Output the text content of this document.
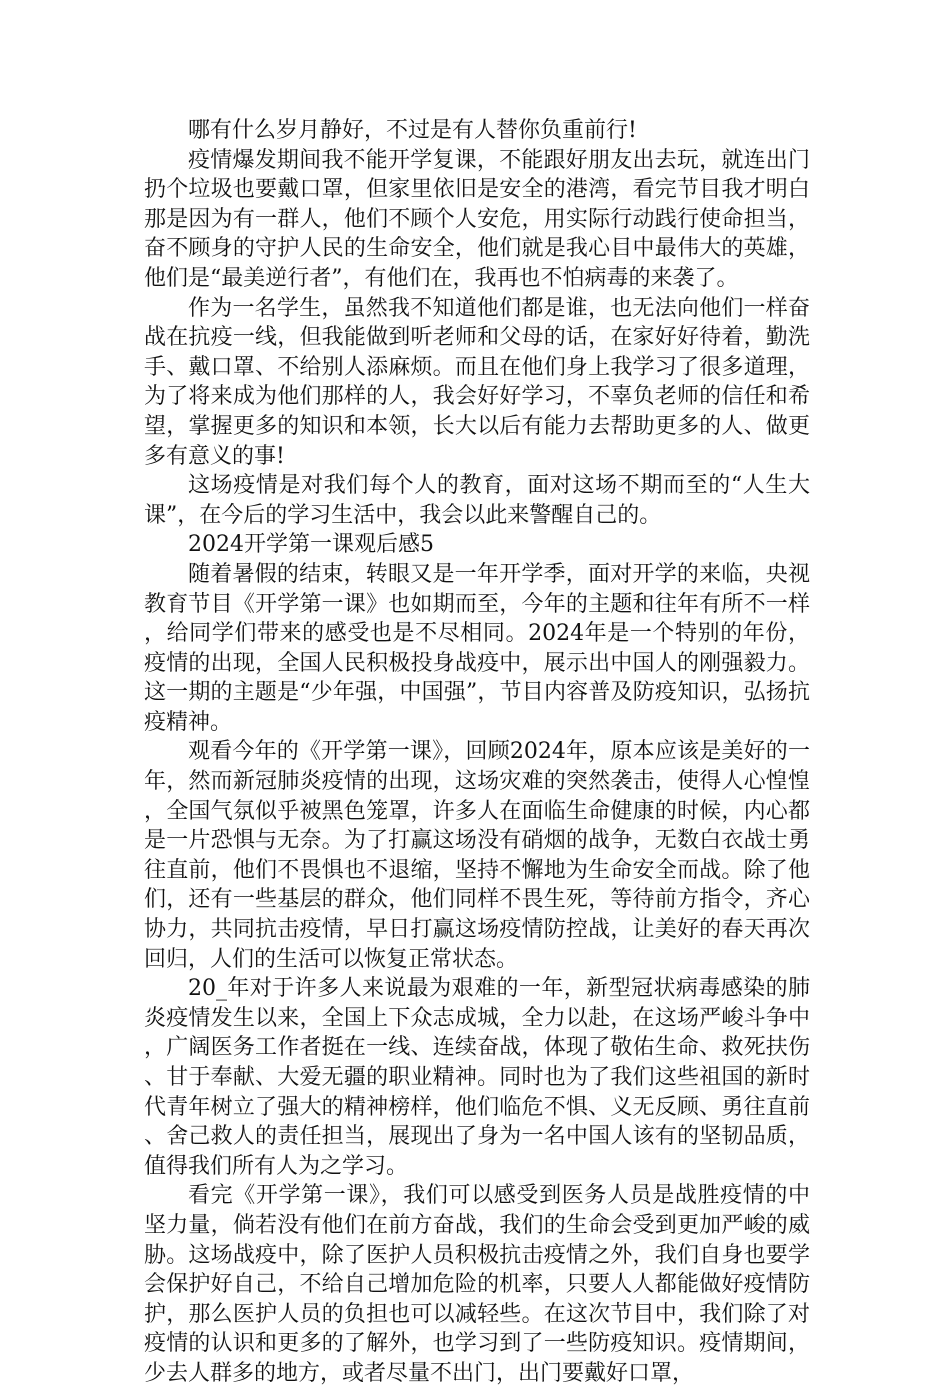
哪有什么岁月静好，不过是有人替你负重前行!

疫情爆发期间我不能开学复课，不能跟好朋友出去玩，就连出门扔个垃圾也要戴口罩，但家里依旧是安全的港湾，看完节目我才明白那是因为有一群人，他们不顾个人安危，用实际行动践行使命担当，奋不顾身的守护人民的生命安全，他们就是我心目中最伟大的英雄，他们是“最美逆行者”，有他们在，我再也不怕病毒的来袭了。

作为一名学生，虽然我不知道他们都是谁，也无法向他们一样奋战在抗疫一线，但我能做到听老师和父母的话，在家好好待着，勤洗手、戴口罩、不给别人添麻烦。而且在他们身上我学习了很多道理，为了将来成为他们那样的人，我会好好学习，不辜负老师的信任和希望，掌握更多的知识和本领，长大以后有能力去帮助更多的人、做更多有意义的事!

这场疫情是对我们每个人的教育，面对这场不期而至的“人生大课”，在今后的学习生活中，我会以此来警醒自己的。

2024开学第一课观后感5

随着暑假的结束，转眼又是一年开学季，面对开学的来临，央视教育节目《开学第一课》也如期而至，今年的主题和往年有所不一样，给同学们带来的感受也是不尽相同。2024年是一个特别的年份，疫情的出现，全国人民积极投身战疫中，展示出中国人的刚强毅力。这一期的主题是“少年强，中国强”，节目内容普及防疫知识，弘扬抗疫精神。

观看今年的《开学第一课》，回顾2024年，原本应该是美好的一年，然而新冠肺炎疫情的出现，这场灾难的突然袭击，使得人心惶惶，全国气氛似乎被黑色笼罩，许多人在面临生命健康的时候，内心都是一片恐惧与无奈。为了打赢这场没有硝烟的战争，无数白衣战士勇往直前，他们不畏惧也不退缩，坚持不懈地为生命安全而战。除了他们，还有一些基层的群众，他们同样不畏生死，等待前方指令，齐心协力，共同抗击疫情，早日打赢这场疫情防控战，让美好的春天再次回归，人们的生活可以恢复正常状态。

20_年对于许多人来说最为艰难的一年，新型冠状病毒感染的肺炎疫情发生以来，全国上下众志成城，全力以赴，在这场严峻斗争中，广阔医务工作者挺在一线、连续奋战，体现了敬佑生命、救死扶伤、甘于奉献、大爱无疆的职业精神。同时也为了我们这些祖国的新时代青年树立了强大的精神榜样，他们临危不惧、义无反顾、勇往直前、舍己救人的责任担当，展现出了身为一名中国人该有的坚韧品质，值得我们所有人为之学习。

看完《开学第一课》，我们可以感受到医务人员是战胜疫情的中坚力量，倘若没有他们在前方奋战，我们的生命会受到更加严峻的威胁。这场战疫中，除了医护人员积极抗击疫情之外，我们自身也要学会保护好自己，不给自己增加危险的机率，只要人人都能做好疫情防护，那么医护人员的负担也可以减轻些。在这次节目中，我们除了对疫情的认识和更多的了解外，也学习到了一些防疫知识。疫情期间，少去人群多的地方，或者尽量不出门，出门要戴好口罩，
